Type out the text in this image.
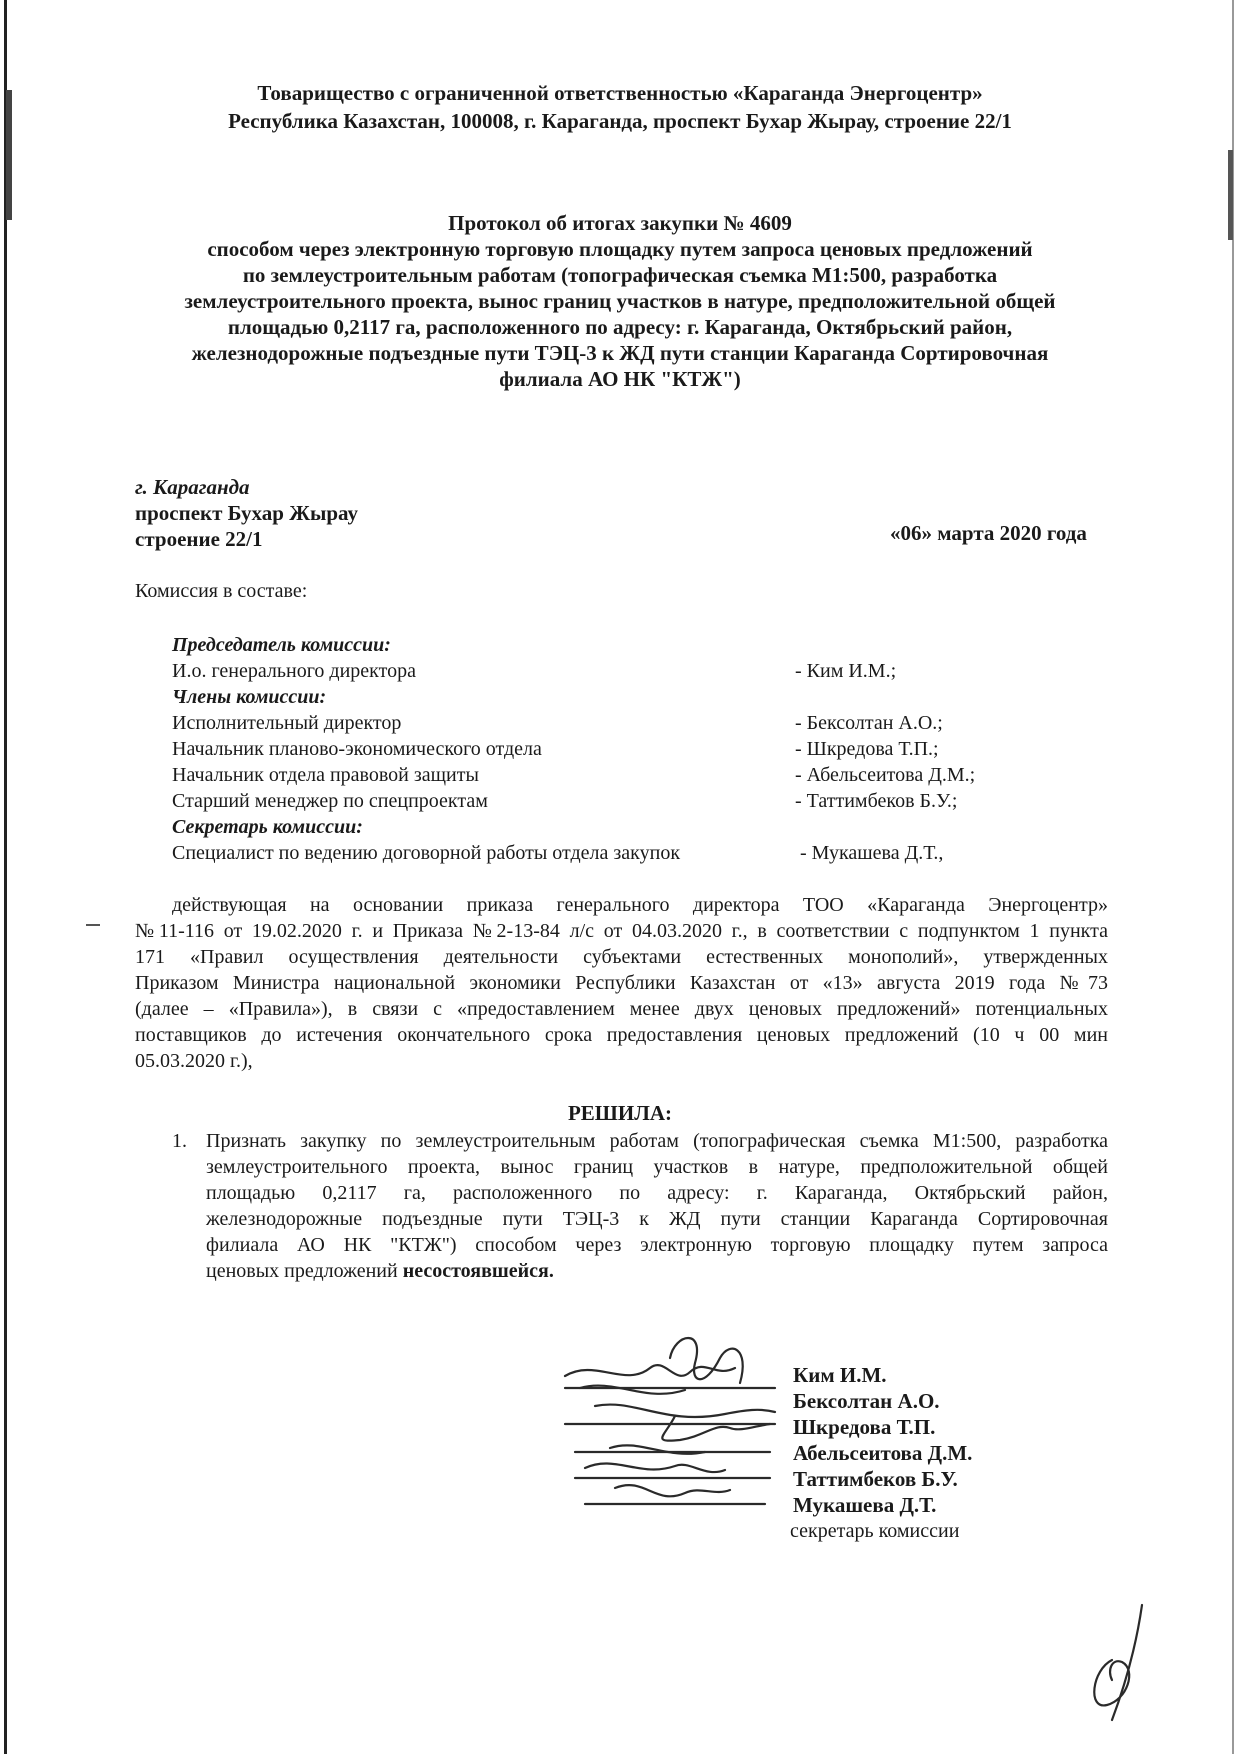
Товарищество с ограниченной ответственностью «Караганда Энергоцентр»
Республика Казахстан, 100008, г. Караганда, проспект Бухар Жырау, строение 22/1
Протокол об итогах закупки № 4609
способом через электронную торговую площадку путем запроса ценовых предложений
по землеустроительным работам (топографическая съемка М1:500, разработка
землеустроительного проекта, вынос границ участков в натуре, предположительной общей
площадью 0,2117 га, расположенного по адресу: г. Караганда, Октябрьский район,
железнодорожные подъездные пути ТЭЦ-3 к ЖД пути станции Караганда Сортировочная
филиала АО НК "КТЖ")
г. Караганда
проспект Бухар Жырау
строение 22/1	«06» марта 2020 года
Комиссия в составе:
Председатель комиссии:
И.о. генерального директора	- Ким И.М.;
Члены комиссии:
Исполнительный директор	- Бексолтан А.О.;
Начальник планово-экономического отдела	- Шкредова Т.П.;
Начальник отдела правовой защиты	- Абельсеитова Д.М.;
Старший менеджер по спецпроектам	- Таттимбеков Б.У.;
Секретарь комиссии:
Специалист по ведению договорной работы отдела закупок	- Мукашева Д.Т.,
действующая на основании приказа генерального директора ТОО «Караганда Энергоцентр»
№11-116 от 19.02.2020 г. и Приказа №2-13-84 л/с от 04.03.2020 г., в соответствии с подпунктом 1 пункта
171 «Правил осуществления деятельности субъектами естественных монополий», утвержденных
Приказом Министра национальной экономики Республики Казахстан от «13» августа 2019 года №73
(далее – «Правила»), в связи с «предоставлением менее двух ценовых предложений» потенциальных
поставщиков до истечения окончательного срока предоставления ценовых предложений (10 ч 00 мин
05.03.2020 г.),
РЕШИЛА:
1. Признать закупку по землеустроительным работам (топографическая съемка М1:500, разработка
землеустроительного проекта, вынос границ участков в натуре, предположительной общей
площадью 0,2117 га, расположенного по адресу: г. Караганда, Октябрьский район,
железнодорожные подъездные пути ТЭЦ-3 к ЖД пути станции Караганда Сортировочная
филиала АО НК "КТЖ") способом через электронную торговую площадку путем запроса
ценовых предложений несостоявшейся.
Ким И.М.
Бексолтан А.О.
Шкредова Т.П.
Абельсеитова Д.М.
Таттимбеков Б.У.
Мукашева Д.Т.
секретарь комиссии
